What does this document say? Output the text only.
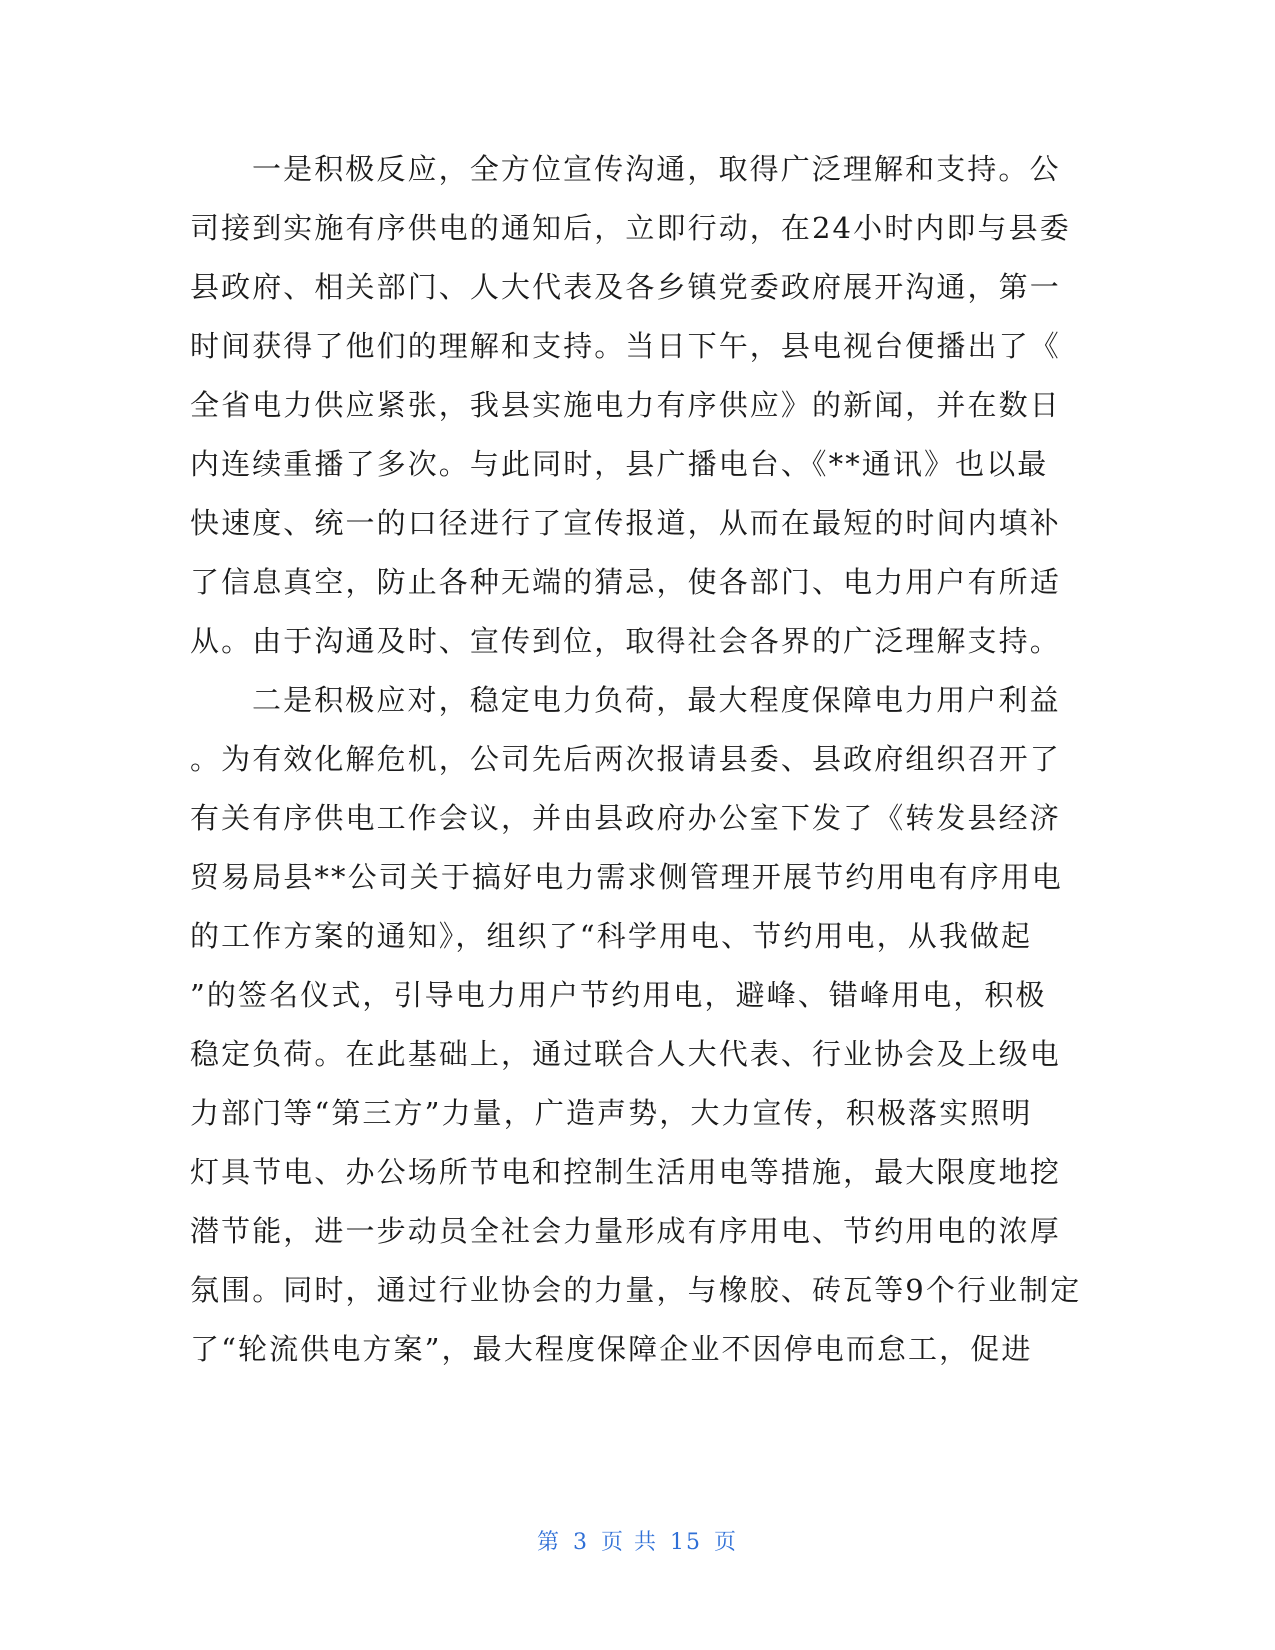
一是积极反应，全方位宣传沟通，取得广泛理解和支持。公
司接到实施有序供电的通知后，立即行动，在24小时内即与县委
县政府、相关部门、人大代表及各乡镇党委政府展开沟通，第一
时间获得了他们的理解和支持。当日下午，县电视台便播出了《
全省电力供应紧张，我县实施电力有序供应》的新闻，并在数日
内连续重播了多次。与此同时，县广播电台、《**通讯》也以最
快速度、统一的口径进行了宣传报道，从而在最短的时间内填补
了信息真空，防止各种无端的猜忌，使各部门、电力用户有所适
从。由于沟通及时、宣传到位，取得社会各界的广泛理解支持。
二是积极应对，稳定电力负荷，最大程度保障电力用户利益
。为有效化解危机，公司先后两次报请县委、县政府组织召开了
有关有序供电工作会议，并由县政府办公室下发了《转发县经济
贸易局县**公司关于搞好电力需求侧管理开展节约用电有序用电
的工作方案的通知》，组织了“科学用电、节约用电，从我做起
”的签名仪式，引导电力用户节约用电，避峰、错峰用电，积极
稳定负荷。在此基础上，通过联合人大代表、行业协会及上级电
力部门等“第三方”力量，广造声势，大力宣传，积极落实照明
灯具节电、办公场所节电和控制生活用电等措施，最大限度地挖
潜节能，进一步动员全社会力量形成有序用电、节约用电的浓厚
氛围。同时，通过行业协会的力量，与橡胶、砖瓦等9个行业制定
了“轮流供电方案”，最大程度保障企业不因停电而怠工，促进
第 3 页 共 15 页
